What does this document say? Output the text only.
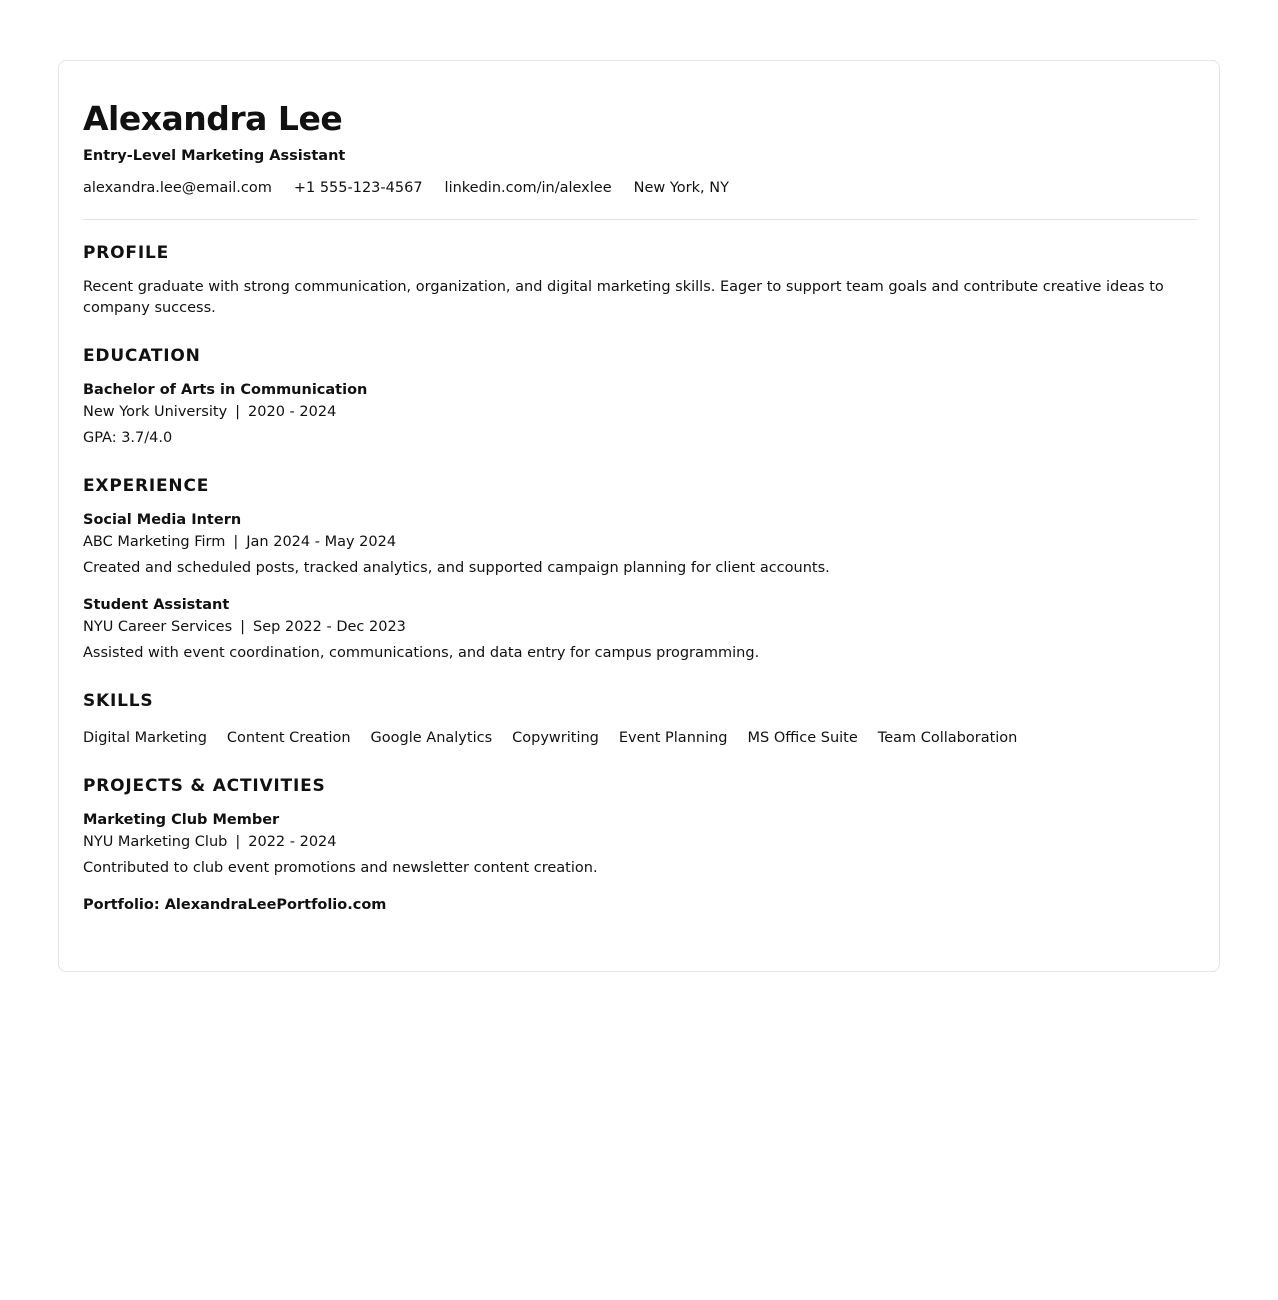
Alexandra Lee
Entry-Level Marketing Assistant
alexandra.lee@email.com +1 555-123-4567 linkedin.com/in/alexlee New York, NY
PROFILE
Recent graduate with strong communication, organization, and digital marketing skills. Eager to support team goals and contribute creative ideas to company success.
EDUCATION
Bachelor of Arts in Communication
New York University | 2020 - 2024
GPA: 3.7/4.0
EXPERIENCE
Social Media Intern
ABC Marketing Firm | Jan 2024 - May 2024
Created and scheduled posts, tracked analytics, and supported campaign planning for client accounts.
Student Assistant
NYU Career Services | Sep 2022 - Dec 2023
Assisted with event coordination, communications, and data entry for campus programming.
SKILLS
Digital Marketing Content Creation Google Analytics Copywriting Event Planning MS Office Suite Team Collaboration
PROJECTS & ACTIVITIES
Marketing Club Member
NYU Marketing Club | 2022 - 2024
Contributed to club event promotions and newsletter content creation.
Portfolio: AlexandraLeePortfolio.com
